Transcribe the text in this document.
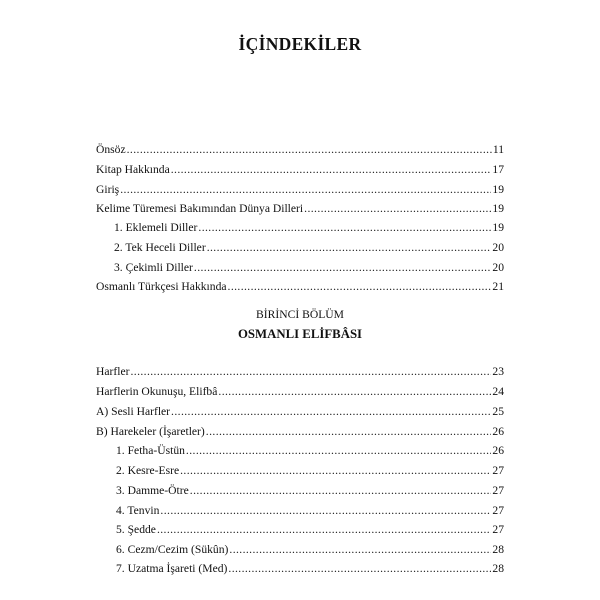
İÇİNDEKİLER
Önsöz .....	11
Kitap Hakkında .....	17
Giriş .....	19
Kelime Türemesi Bakımından Dünya Dilleri .....	19
1. Eklemeli Diller .....	19
2. Tek Heceli Diller .....	20
3. Çekimli Diller .....	20
Osmanlı Türkçesi Hakkında .....	21
BİRİNCİ BÖLÜM
OSMANLI ELİFBÂSI
Harfler .....	23
Harflerin Okunuşu, Elifbâ .....	24
A) Sesli Harfler .....	25
B) Harekeler (İşaretler) .....	26
1. Fetha-Üstün .....	26
2. Kesre-Esre .....	27
3. Damme-Ötre .....	27
4. Tenvin .....	27
5. Şedde .....	27
6. Cezm/Cezim (Sükûn) .....	28
7. Uzatma İşareti (Med) .....	28
